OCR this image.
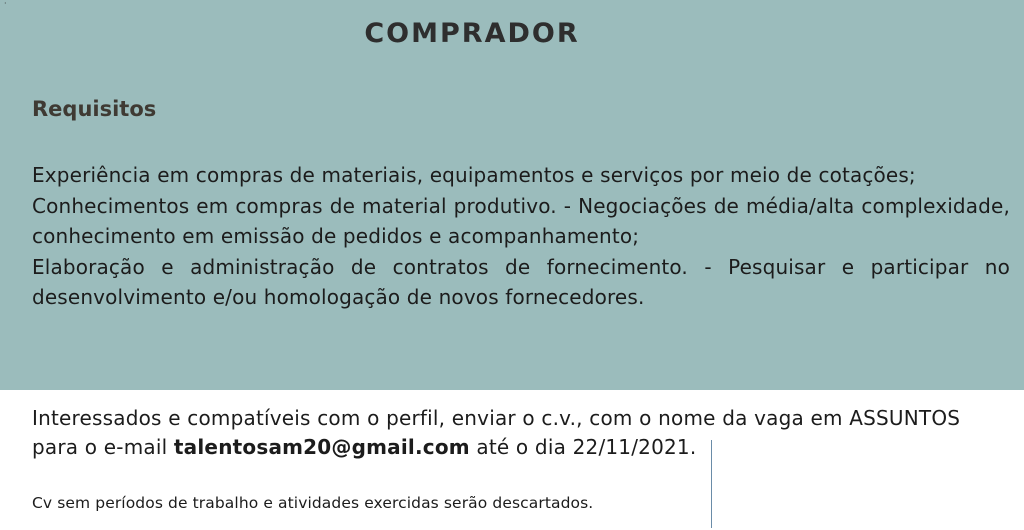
·
COMPRADOR
Requisitos

Experiência em compras de materiais, equipamentos e serviços por meio de cotações;

Conhecimentos em compras de material produtivo. - Negociações de média/alta complexidade, conhecimento em emissão de pedidos e acompanhamento;

Elaboração e administração de contratos de fornecimento. - Pesquisar e participar no desenvolvimento e/ou homologação de novos fornecedores.

Interessados e compatíveis com o perfil, enviar o c.v., com o nome da vaga em ASSUNTOS para o e-mail talentosam20@gmail.com até o dia 22/11/2021.
Cv sem períodos de trabalho e atividades exercidas serão descartados.
